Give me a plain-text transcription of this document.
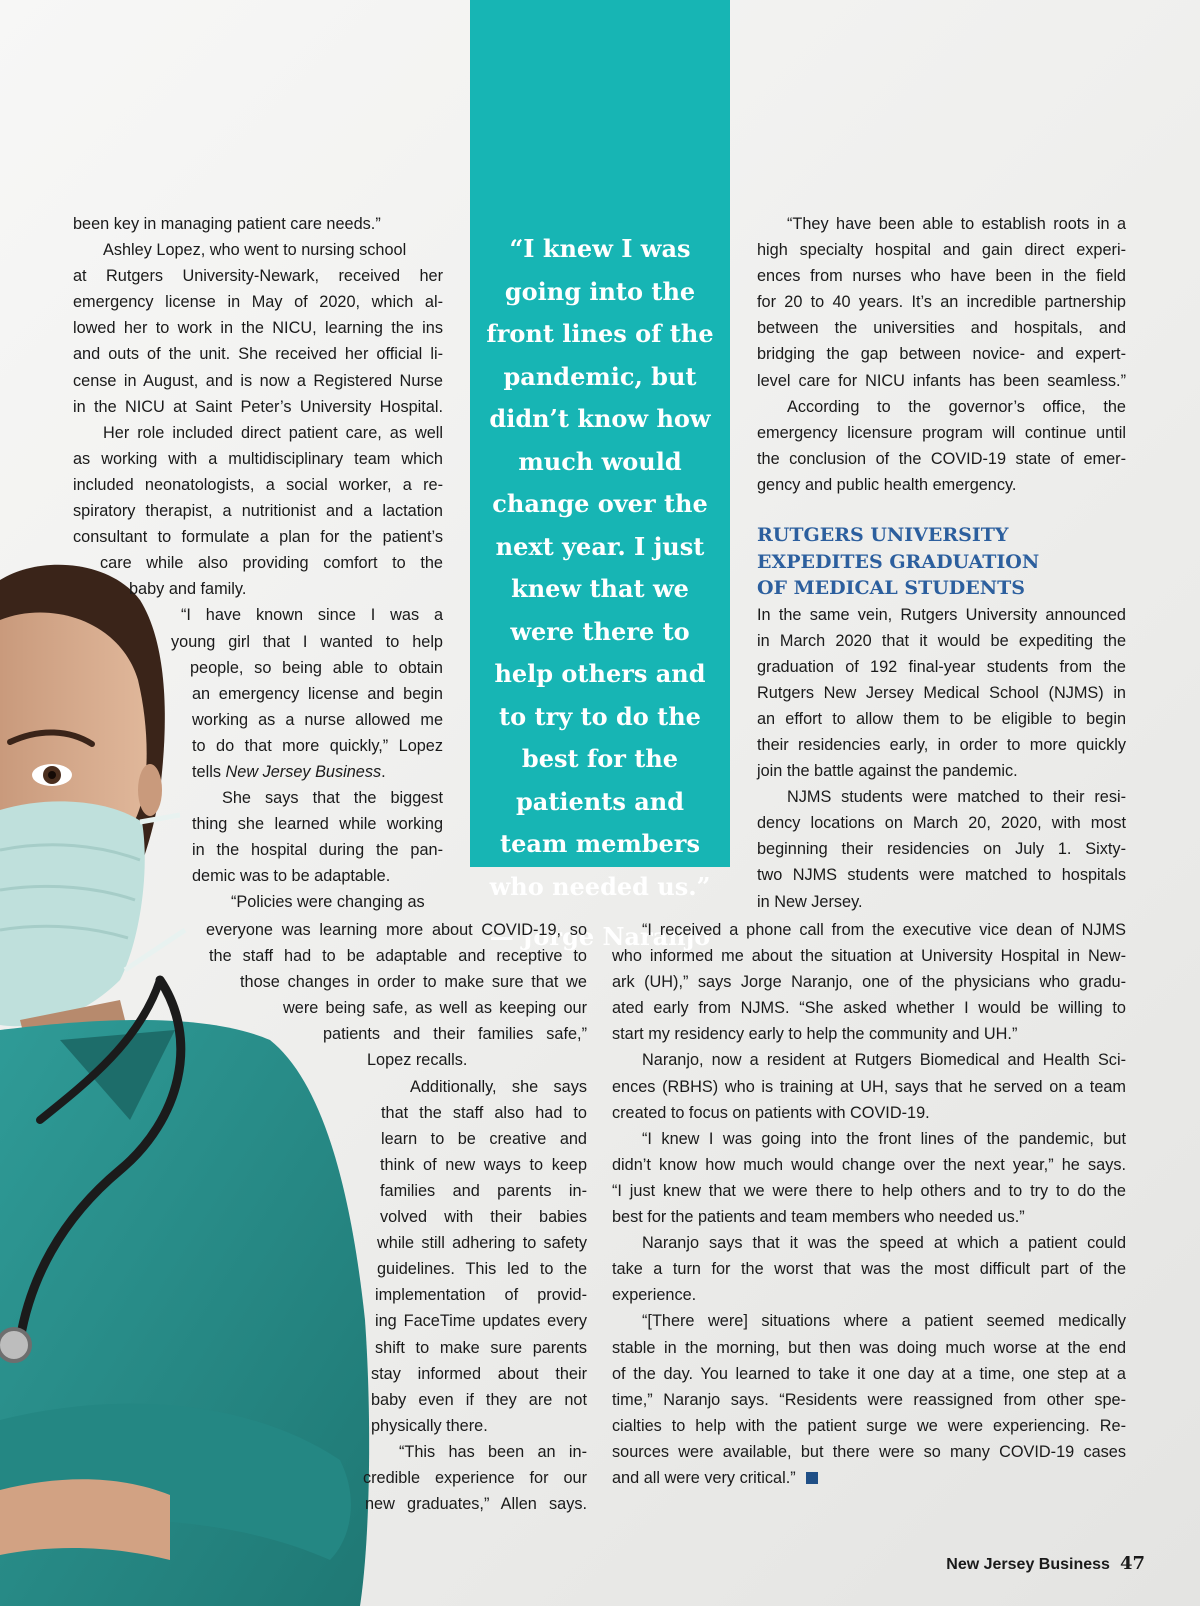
“I knew I was going into the front lines of the pandemic, but didn’t know how much would change over the next year. I just knew that we were there to help others and to try to do the best for the patients and team members who needed us.”

— Jorge Naranjo

been key in managing patient care needs.”

Ashley Lopez, who went to nursing school

at Rutgers University-Newark, received her

emergency license in May of 2020, which al-

lowed her to work in the NICU, learning the ins

and outs of the unit. She received her official li-

cense in August, and is now a Registered Nurse

in the NICU at Saint Peter’s University Hospital.

Her role included direct patient care, as well

as working with a multidisciplinary team which

included neonatologists, a social worker, a re-

spiratory therapist, a nutritionist and a lactation

consultant to formulate a plan for the patient’s

care while also providing comfort to the

baby and family.

“I have known since I was a

young girl that I wanted to help

people, so being able to obtain

an emergency license and begin

working as a nurse allowed me

to do that more quickly,” Lopez

tells New Jersey Business.

She says that the biggest

thing she learned while working

in the hospital during the pan-

demic was to be adaptable.

“Policies were changing as

everyone was learning more about COVID-19, so

the staff had to be adaptable and receptive to

those changes in order to make sure that we

were being safe, as well as keeping our

patients and their families safe,”

Lopez recalls.

Additionally, she says

that the staff also had to

learn to be creative and

think of new ways to keep

families and parents in-

volved with their babies

while still adhering to safety

guidelines. This led to the

implementation of provid-

ing FaceTime updates every

shift to make sure parents

stay informed about their

baby even if they are not

physically there.

“This has been an in-

credible experience for our

new graduates,” Allen says.

“They have been able to establish roots in a

high specialty hospital and gain direct experi-

ences from nurses who have been in the field

for 20 to 40 years. It’s an incredible partnership

between the universities and hospitals, and

bridging the gap between novice- and expert-

level care for NICU infants has been seamless.”

According to the governor’s office, the

emergency licensure program will continue until

the conclusion of the COVID-19 state of emer-

gency and public health emergency.

RUTGERS UNIVERSITY

EXPEDITES GRADUATION

OF MEDICAL STUDENTS

In the same vein, Rutgers University announced

in March 2020 that it would be expediting the

graduation of 192 final-year students from the

Rutgers New Jersey Medical School (NJMS) in

an effort to allow them to be eligible to begin

their residencies early, in order to more quickly

join the battle against the pandemic.

NJMS students were matched to their resi-

dency locations on March 20, 2020, with most

beginning their residencies on July 1. Sixty-

two NJMS students were matched to hospitals

in New Jersey.

“I received a phone call from the executive vice dean of NJMS

who informed me about the situation at University Hospital in New-

ark (UH),” says Jorge Naranjo, one of the physicians who gradu-

ated early from NJMS. “She asked whether I would be willing to

start my residency early to help the community and UH.”

Naranjo, now a resident at Rutgers Biomedical and Health Sci-

ences (RBHS) who is training at UH, says that he served on a team

created to focus on patients with COVID-19.

“I knew I was going into the front lines of the pandemic, but

didn’t know how much would change over the next year,” he says.

“I just knew that we were there to help others and to try to do the

best for the patients and team members who needed us.”

Naranjo says that it was the speed at which a patient could

take a turn for the worst that was the most difficult part of the

experience.

“[There were] situations where a patient seemed medically

stable in the morning, but then was doing much worse at the end

of the day. You learned to take it one day at a time, one step at a

time,” Naranjo says. “Residents were reassigned from other spe-

cialties to help with the patient surge we were experiencing. Re-

sources were available, but there were so many COVID-19 cases

and all were very critical.”

New Jersey Business 47
